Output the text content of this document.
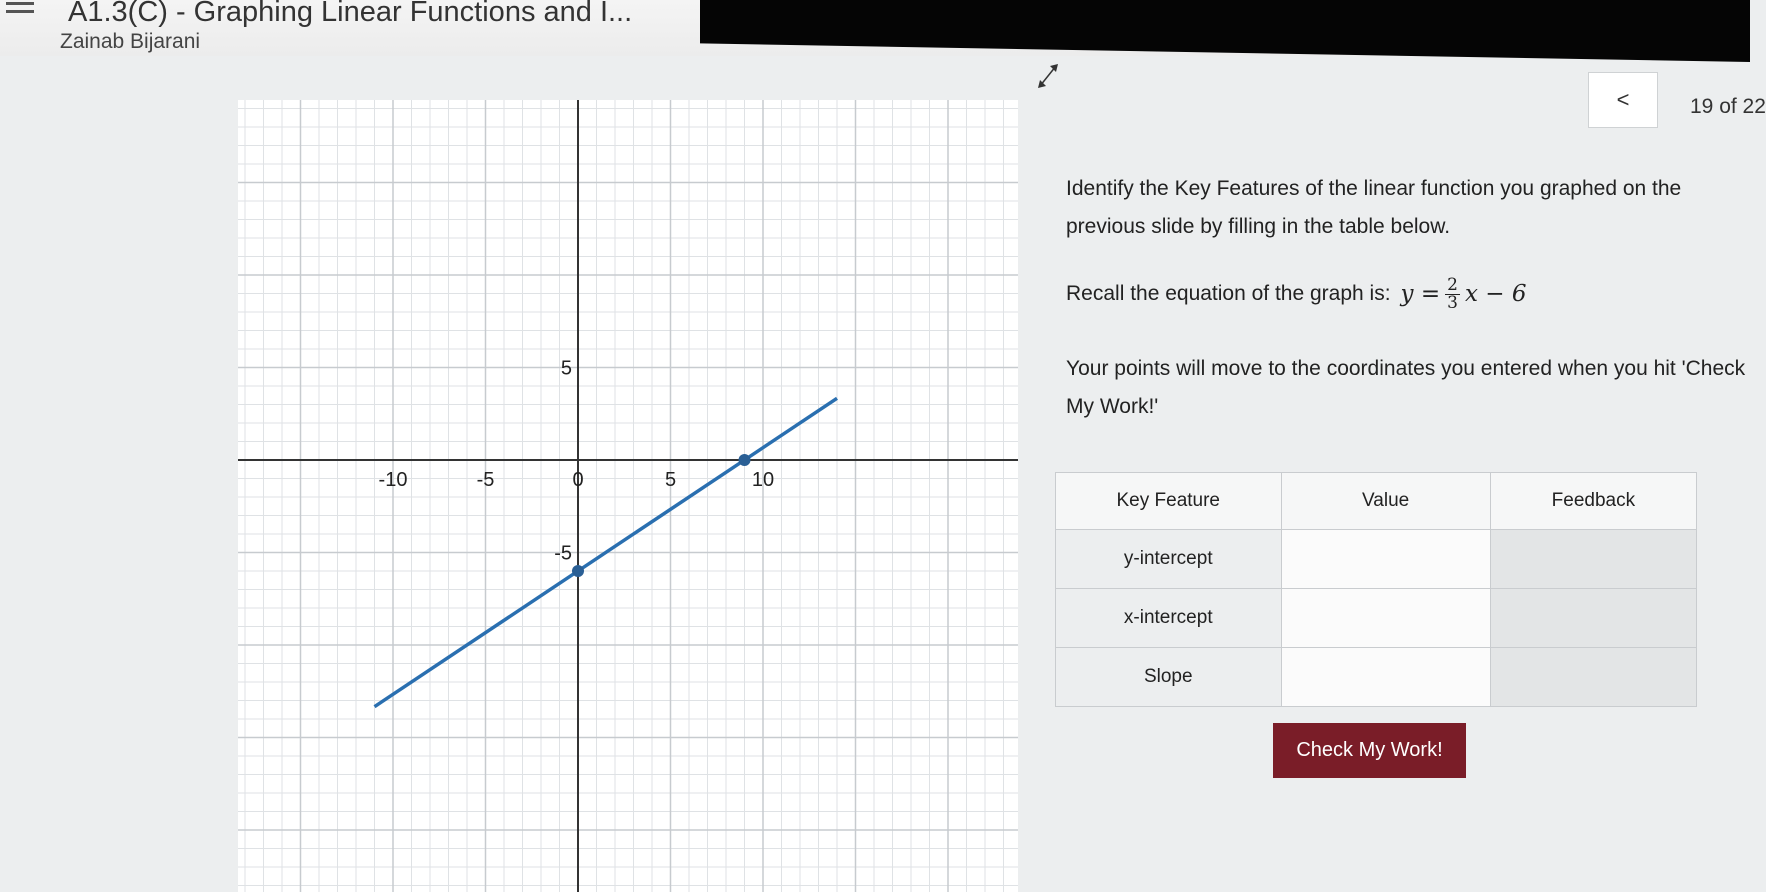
A1.3(C) - Graphing Linear Functions and I...
Zainab Bijarani
<	19 of 22
-10	-5	0	5	10
5
-5

Identify the Key Features of the linear function you graphed on the previous slide by filling in the table below.

Recall the equation of the graph is: $y = \frac{2}{3}$ x − 6

Your points will move to the coordinates you entered when you hit 'Check My Work!'

Key Feature	Value	Feedback
y-intercept		
x-intercept		
Slope		
Check My Work!
